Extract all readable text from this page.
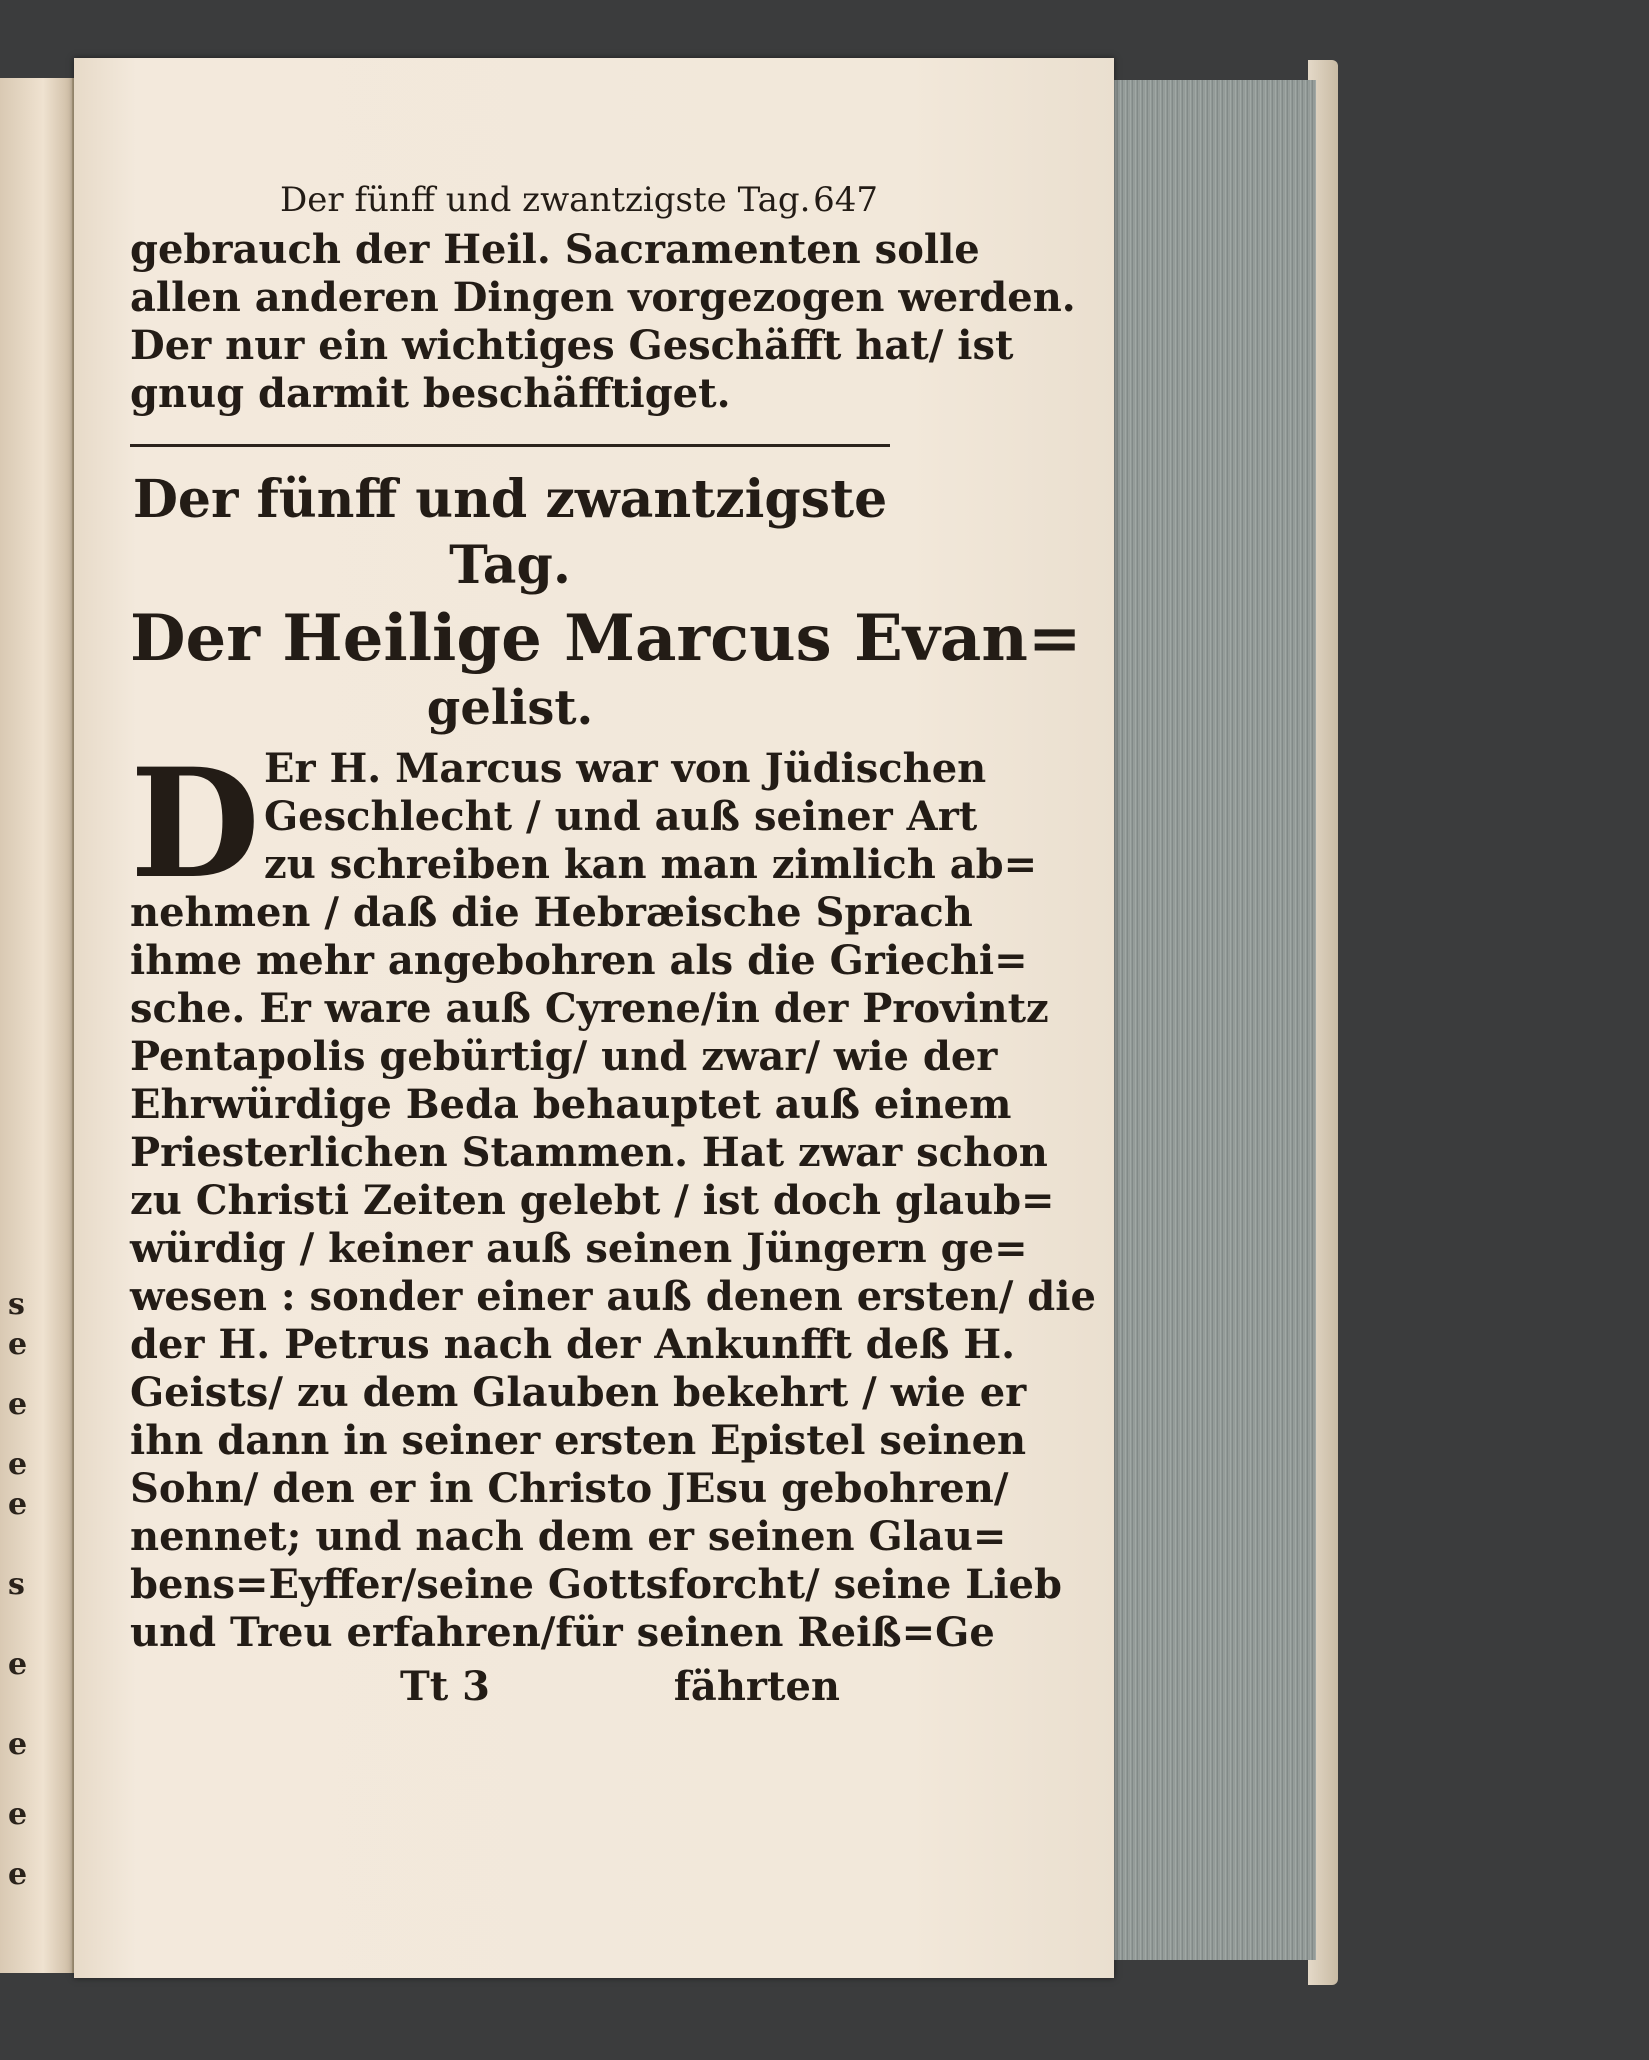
Der fünff und zwantzigste Tag. 647

gebrauch der Heil. Sacramenten solle

allen anderen Dingen vorgezogen werden.

Der nur ein wichtiges Geschäfft hat/ ist

gnug darmit beschäfftiget.

Der fünff und zwantzigste Tag.
Der Heilige Marcus Evan=
gelist.
D Er H. Marcus war von Jüdischen

Geschlecht / und auß seiner Art

zu schreiben kan man zimlich ab=

nehmen / daß die Hebræische Sprach

ihme mehr angebohren als die Griechi=

sche. Er ware auß Cyrene/in der Provintz

Pentapolis gebürtig/ und zwar/ wie der

Ehrwürdige Beda behauptet auß einem

Priesterlichen Stammen. Hat zwar schon

zu Christi Zeiten gelebt / ist doch glaub=

würdig / keiner auß seinen Jüngern ge=

wesen : sonder einer auß denen ersten/ die

der H. Petrus nach der Ankunfft deß H.

Geists/ zu dem Glauben bekehrt / wie er

ihn dann in seiner ersten Epistel seinen

Sohn/ den er in Christo JEsu gebohren/

nennet; und nach dem er seinen Glau=

bens=Eyffer/seine Gottsforcht/ seine Lieb

und Treu erfahren/für seinen Reiß=Ge

Tt 3	fährten
s
e
e
e
e
s
e
e
e
e
